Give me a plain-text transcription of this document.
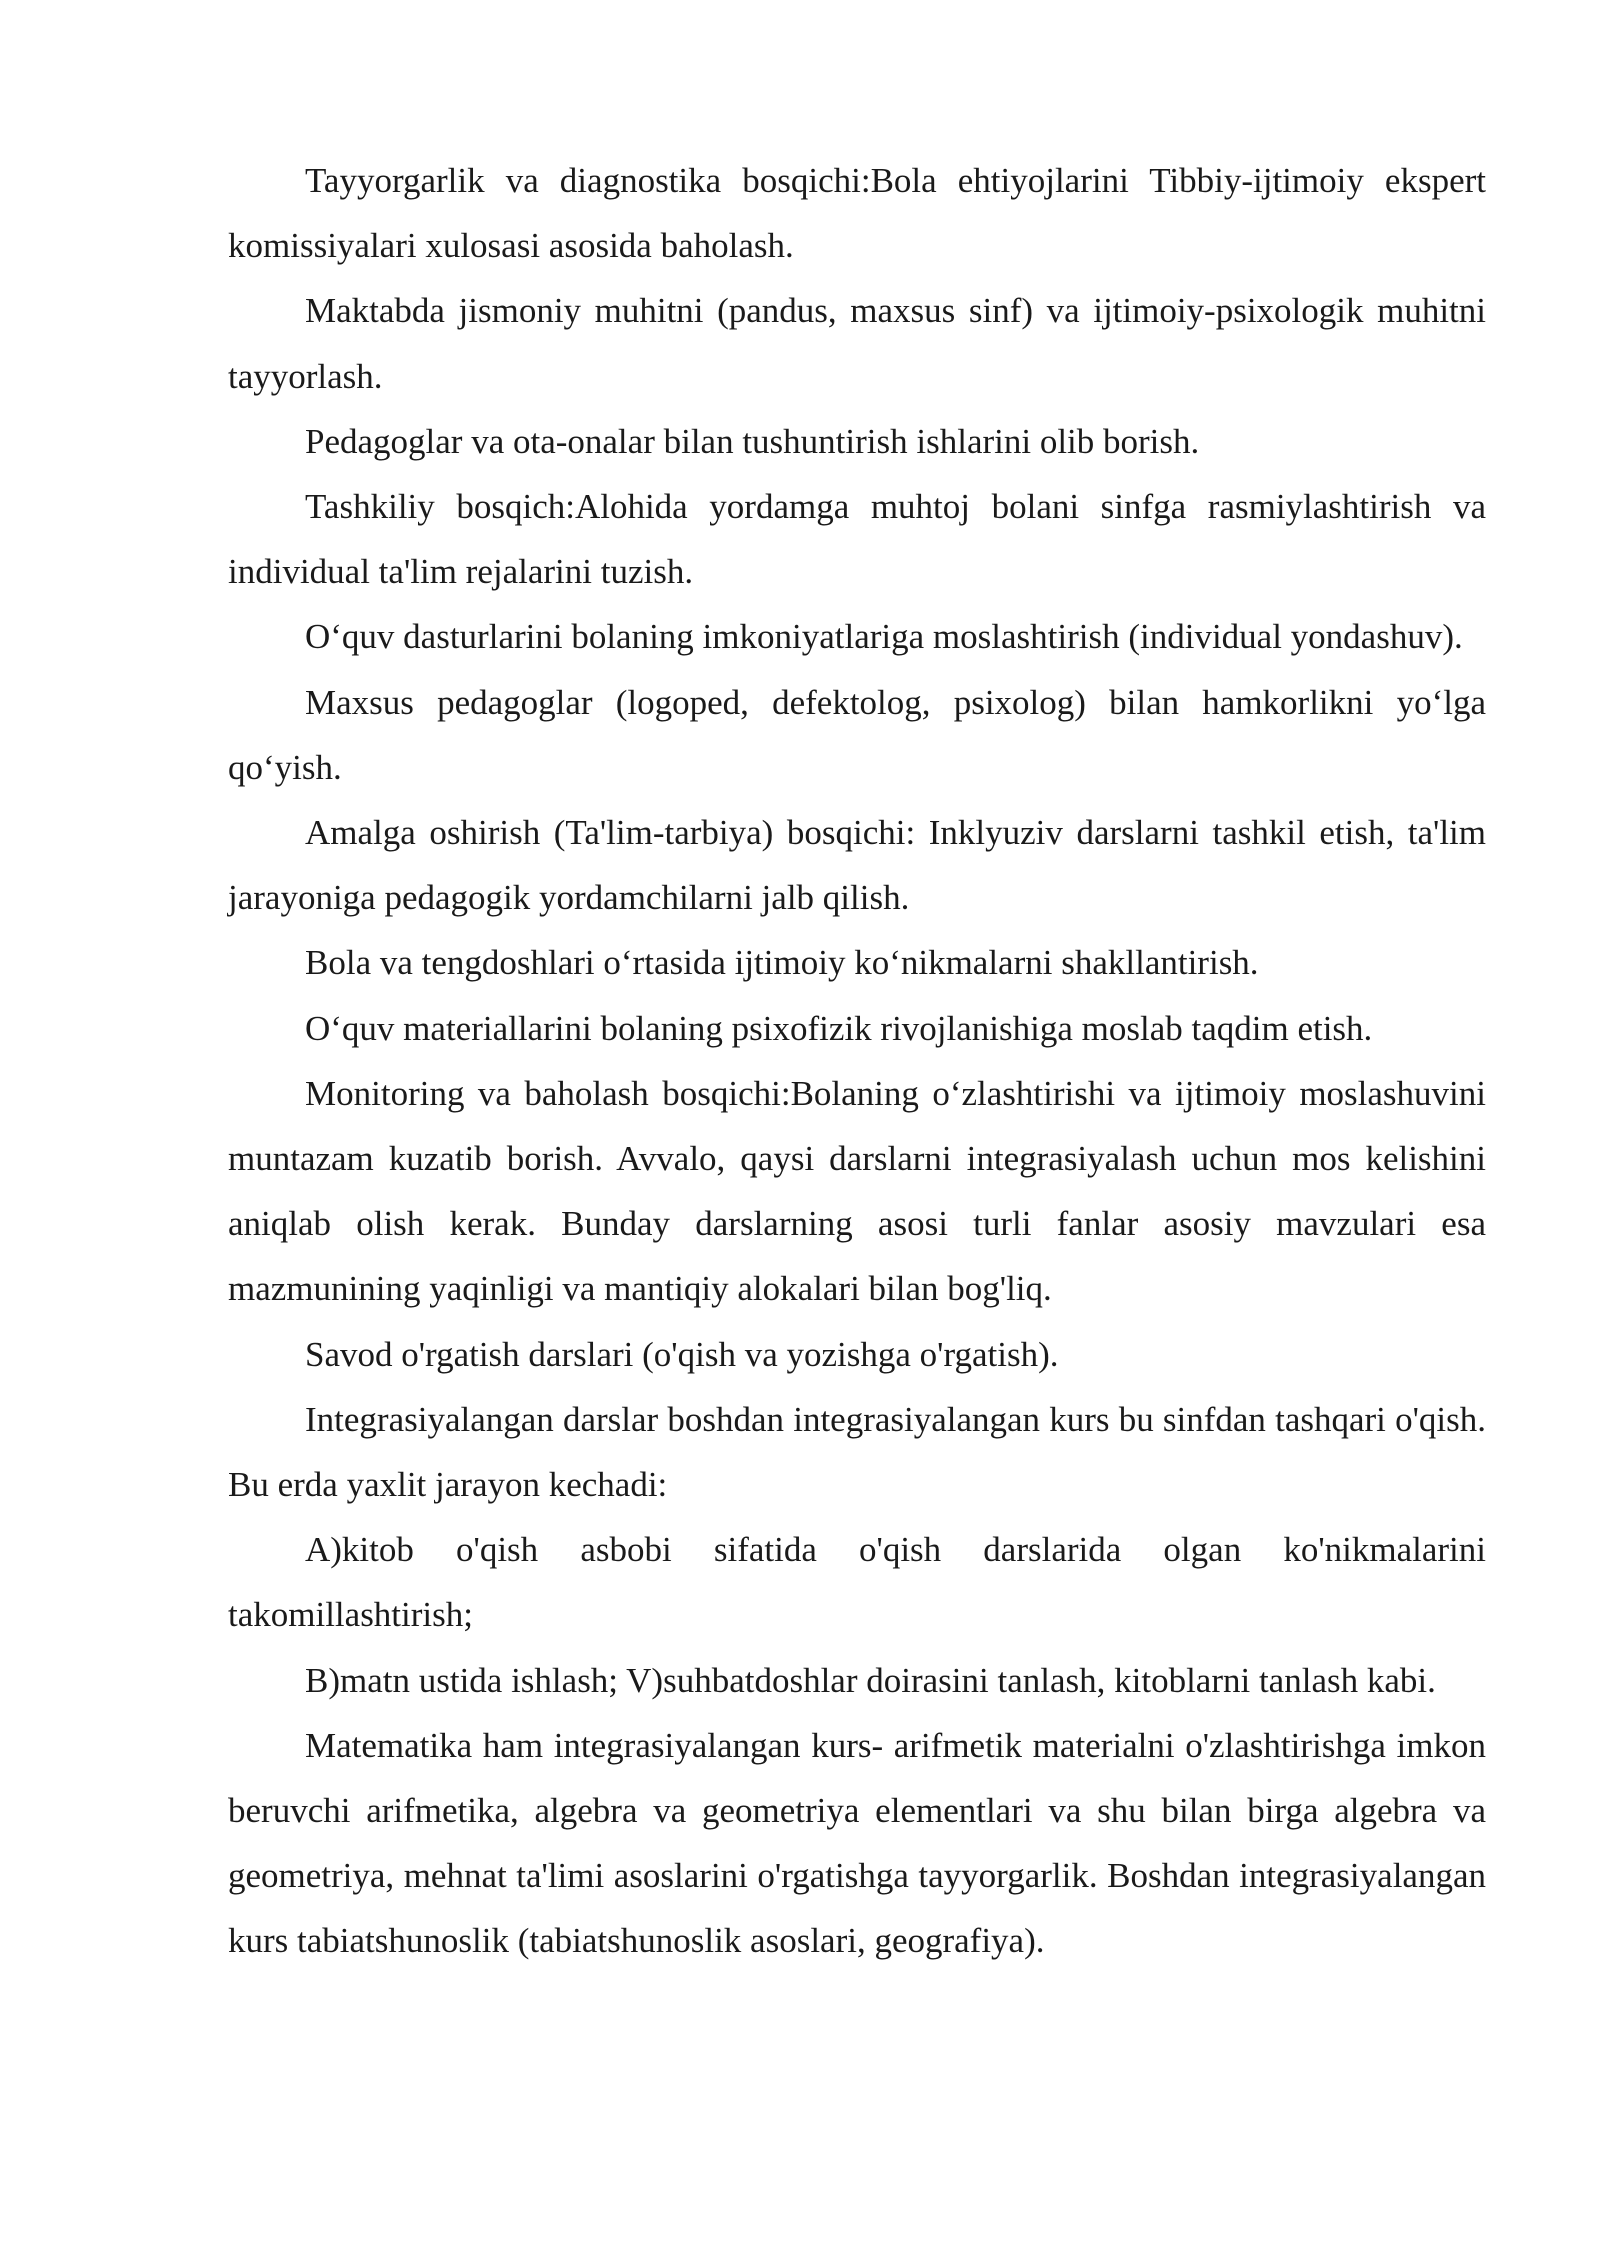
Tayyorgarlik va diagnostika bosqichi:Bola ehtiyojlarini Tibbiy-ijtimoiy ekspert komissiyalari xulosasi asosida baholash.

Maktabda jismoniy muhitni (pandus, maxsus sinf) va ijtimoiy-psixologik muhitni tayyorlash.

Pedagoglar va ota-onalar bilan tushuntirish ishlarini olib borish.

Tashkiliy bosqich:Alohida yordamga muhtoj bolani sinfga rasmiylashtirish va individual ta'lim rejalarini tuzish.

O‘quv dasturlarini bolaning imkoniyatlariga moslashtirish (individual yondashuv).

Maxsus pedagoglar (logoped, defektolog, psixolog) bilan hamkorlikni yo‘lga qo‘yish.

Amalga oshirish (Ta'lim-tarbiya) bosqichi: Inklyuziv darslarni tashkil etish, ta'lim jarayoniga pedagogik yordamchilarni jalb qilish.

Bola va tengdoshlari o‘rtasida ijtimoiy ko‘nikmalarni shakllantirish.

O‘quv materiallarini bolaning psixofizik rivojlanishiga moslab taqdim etish.

Monitoring va baholash bosqichi:Bolaning o‘zlashtirishi va ijtimoiy moslashuvini muntazam kuzatib borish. Avvalo, qaysi darslarni integrasiyalash uchun mos kelishini aniqlab olish kerak. Bunday darslarning asosi turli fanlar asosiy mavzulari esa mazmunining yaqinligi va mantiqiy alokalari bilan bog'liq.

Savod o'rgatish darslari (o'qish va yozishga o'rgatish).

Integrasiyalangan darslar boshdan integrasiyalangan kurs bu sinfdan tashqari o'qish. Bu erda yaxlit jarayon kechadi:

A)kitob o'qish asbobi sifatida o'qish darslarida olgan ko'nikmalarini takomillashtirish;

B)matn ustida ishlash; V)suhbatdoshlar doirasini tanlash, kitoblarni tanlash kabi.

Matematika ham integrasiyalangan kurs- arifmetik materialni o'zlashtirishga imkon beruvchi arifmetika, algebra va geometriya elementlari va shu bilan birga algebra va geometriya, mehnat ta'limi asoslarini o'rgatishga tayyorgarlik. Boshdan integrasiyalangan kurs tabiatshunoslik (tabiatshunoslik asoslari, geografiya).
